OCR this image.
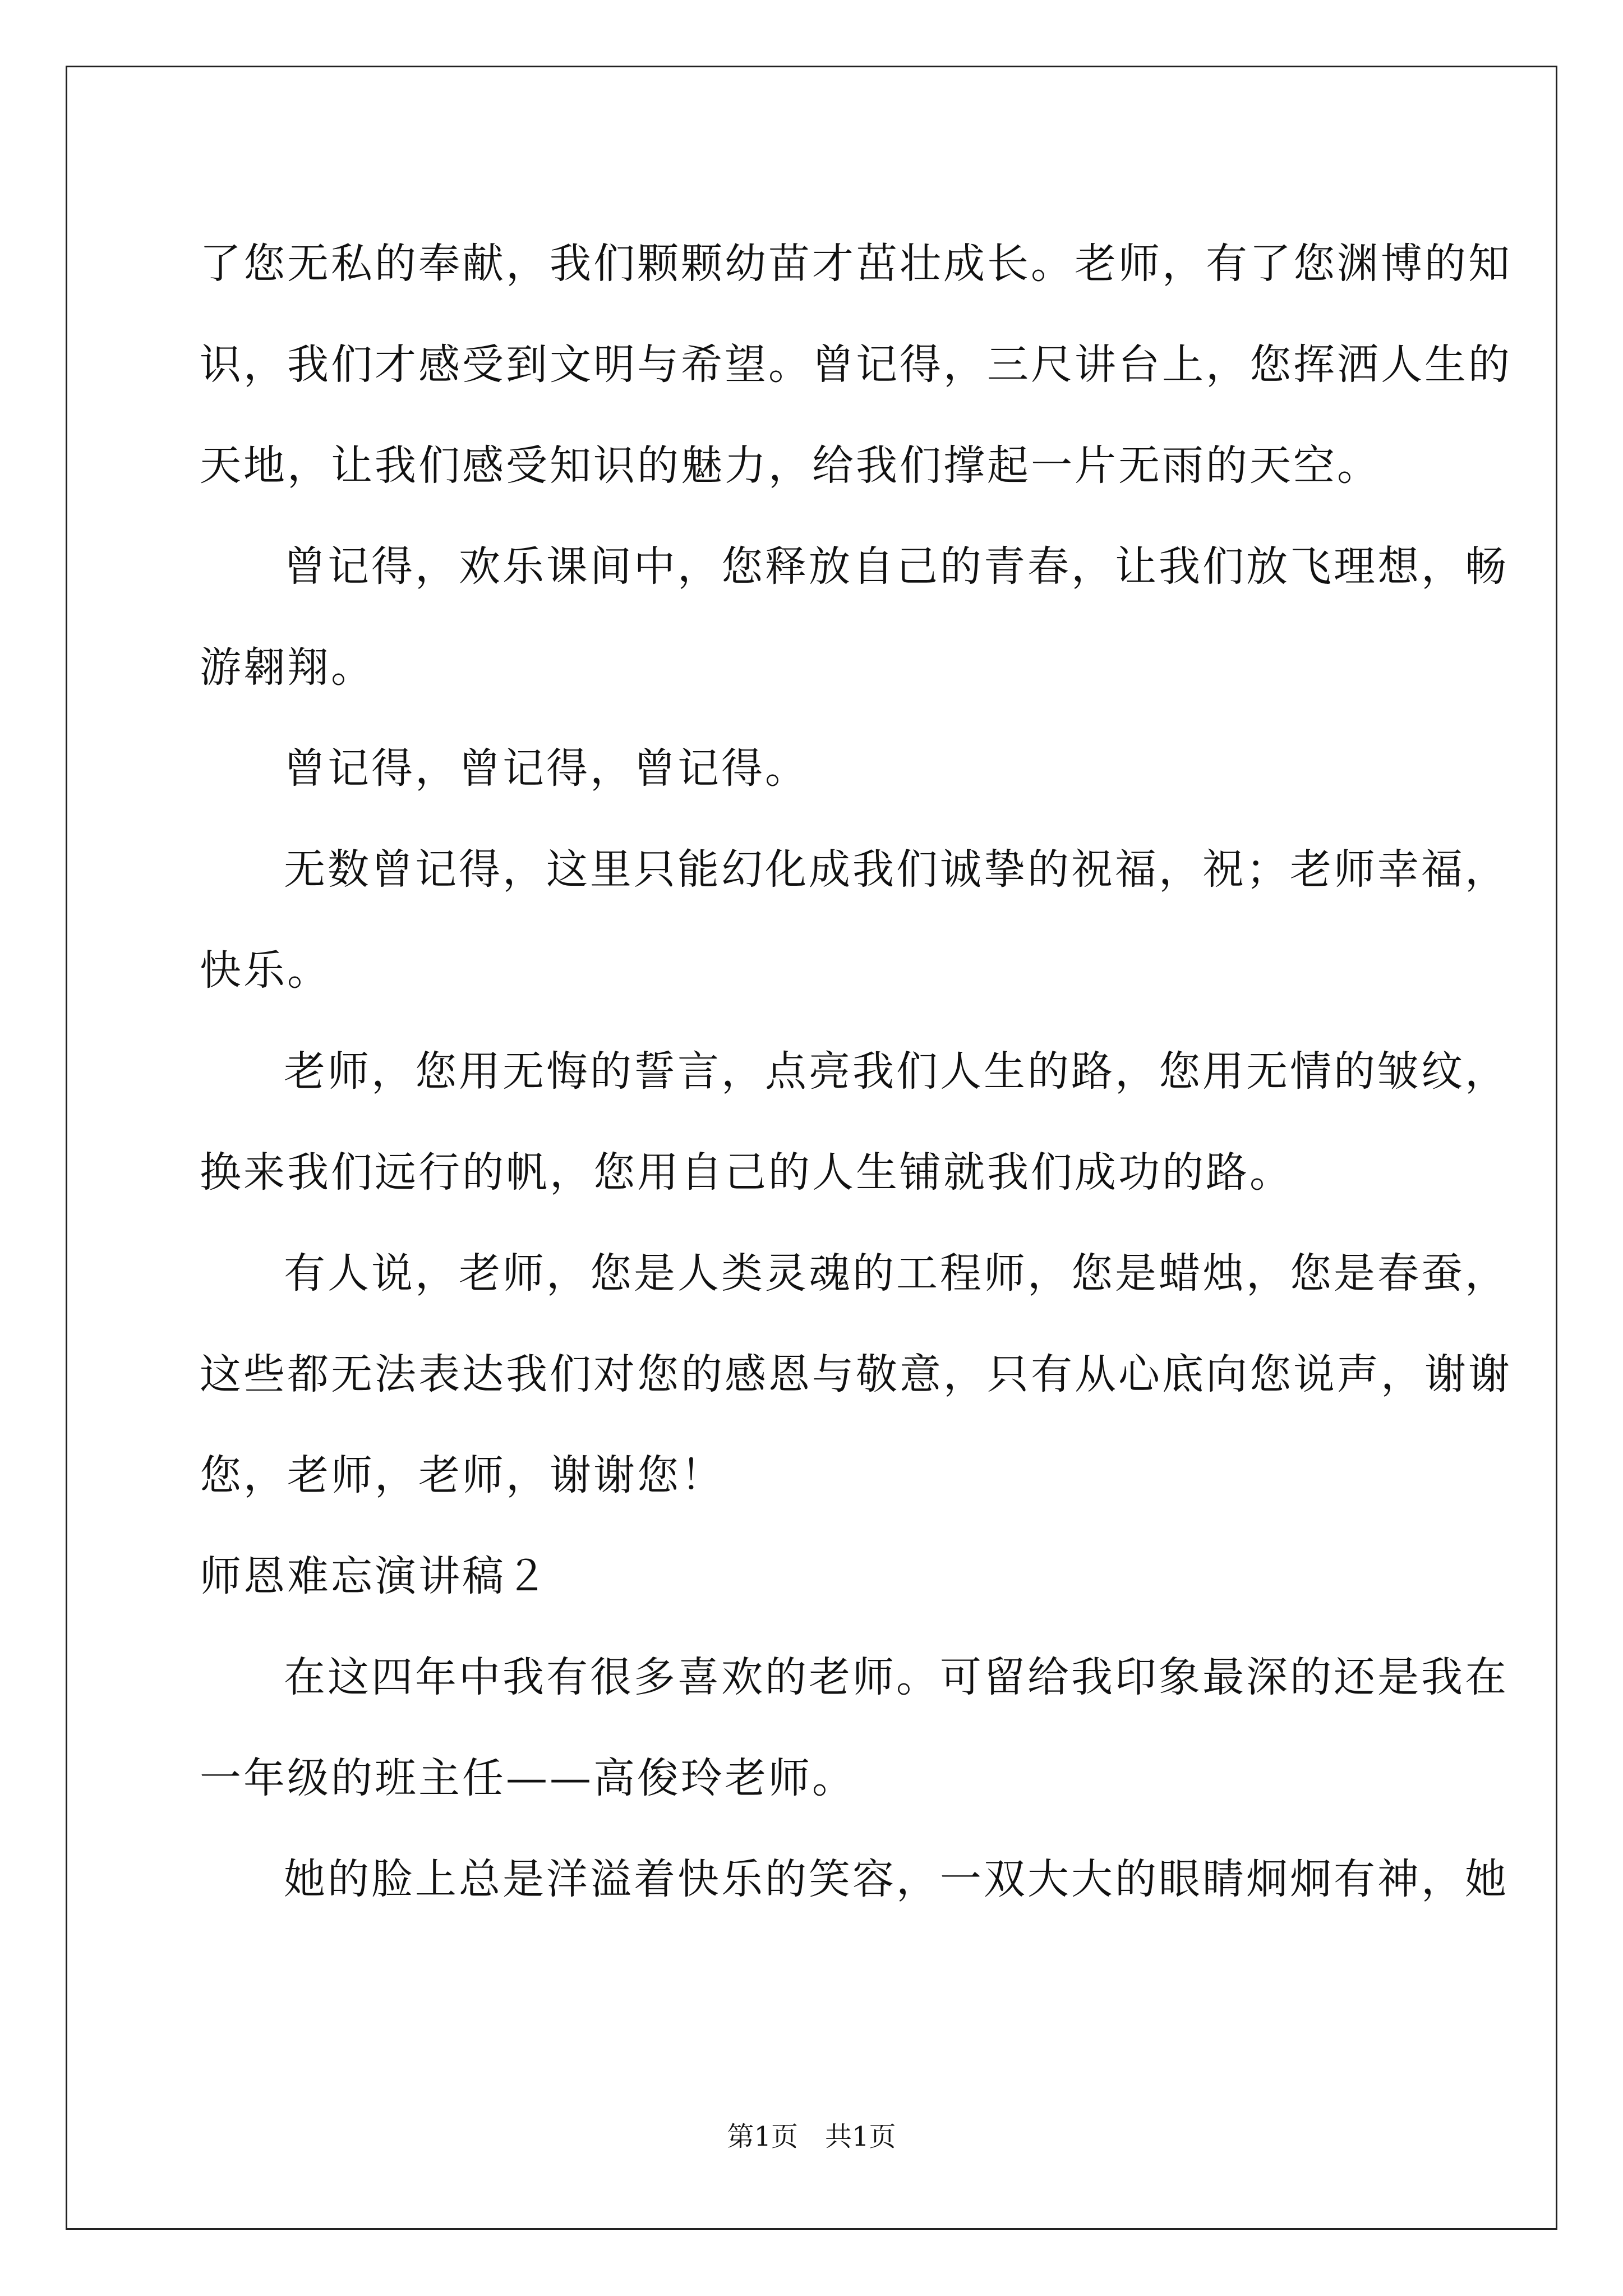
了您无私的奉献，我们颗颗幼苗才茁壮成长。老师，有了您渊博的知
识，我们才感受到文明与希望。曾记得，三尺讲台上，您挥洒人生的
天地，让我们感受知识的魅力，给我们撑起一片无雨的天空。
曾记得，欢乐课间中，您释放自己的青春，让我们放飞理想，畅
游翱翔。
曾记得，曾记得，曾记得。
无数曾记得，这里只能幻化成我们诚挚的祝福，祝；老师幸福，
快乐。
老师，您用无悔的誓言，点亮我们人生的路，您用无情的皱纹，
换来我们远行的帆，您用自己的人生铺就我们成功的路。
有人说，老师，您是人类灵魂的工程师，您是蜡烛，您是春蚕，
这些都无法表达我们对您的感恩与敬意，只有从心底向您说声，谢谢
您，老师，老师，谢谢您！
师恩难忘演讲稿２
在这四年中我有很多喜欢的老师。可留给我印象最深的还是我在
一年级的班主任——高俊玲老师。
她的脸上总是洋溢着快乐的笑容，一双大大的眼睛炯炯有神，她
第1页　共1页
